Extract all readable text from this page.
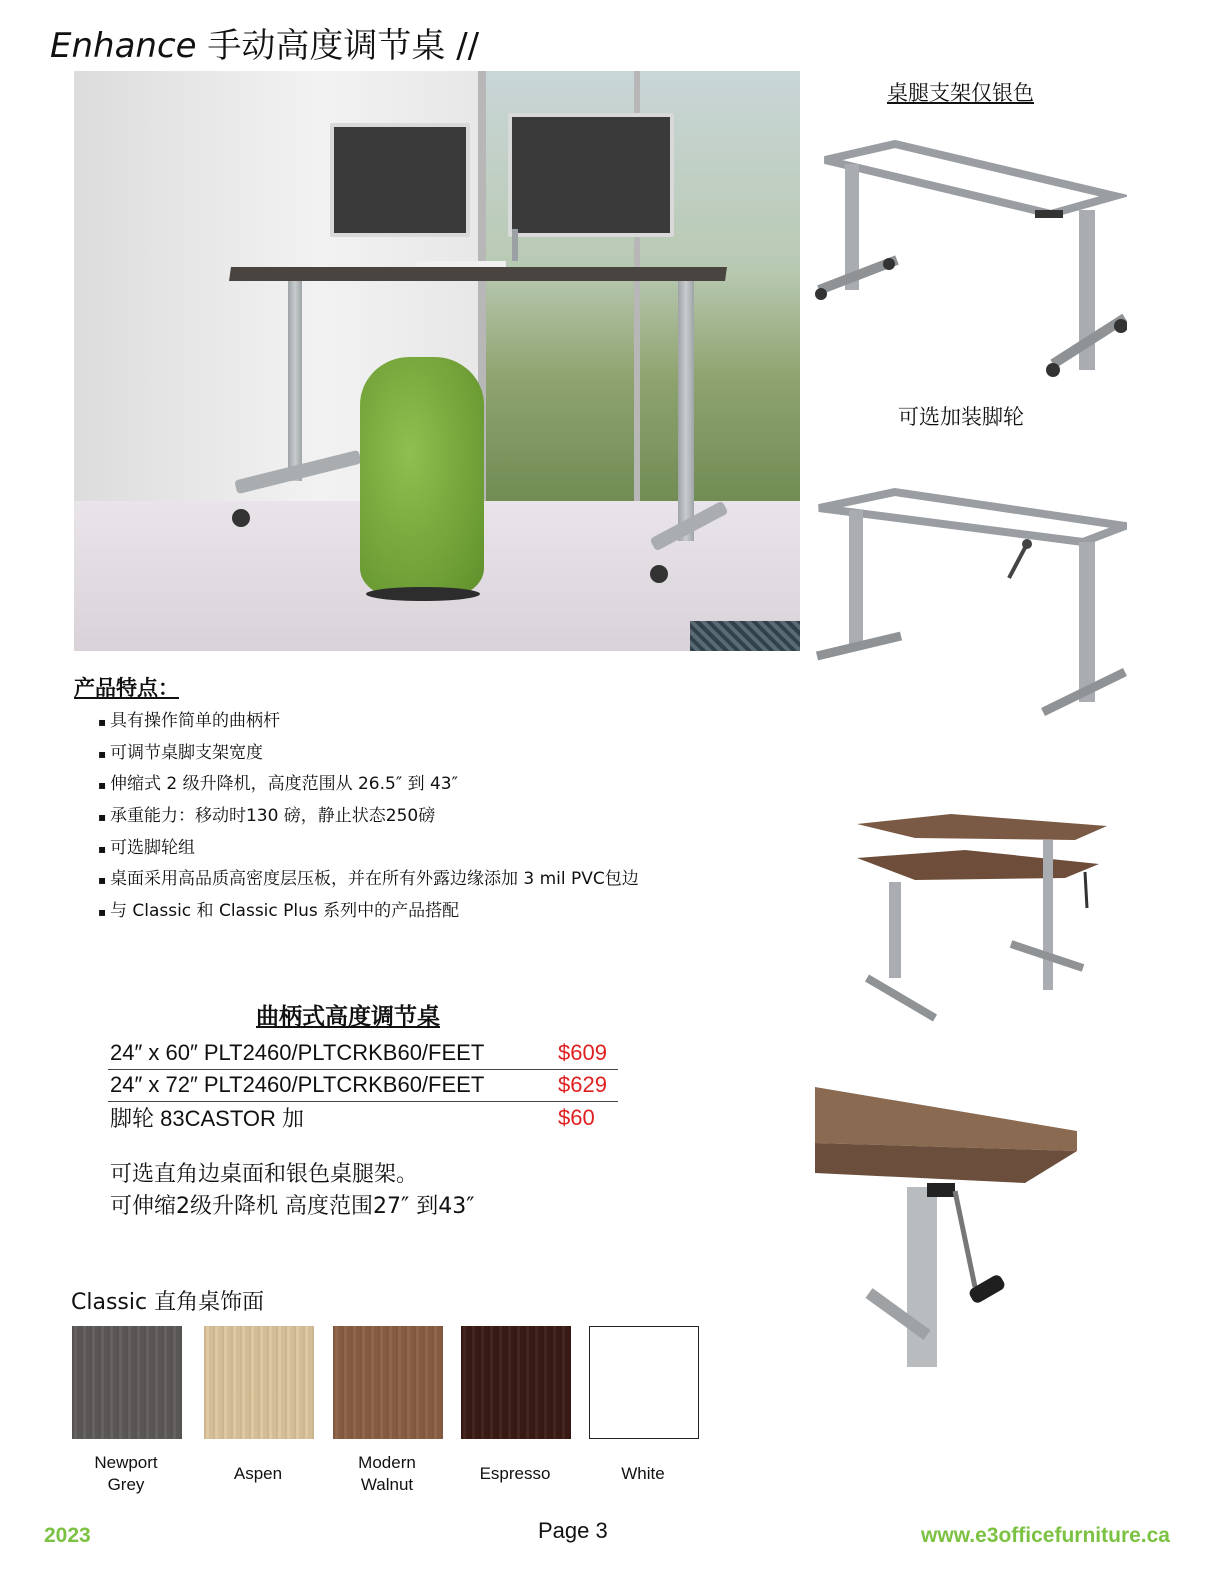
Enhance 手动高度调节桌 //
桌腿支架仅银色
可选加装脚轮
产品特点：
▪ 具有操作简单的曲柄杆
▪ 可调节桌脚支架宽度
▪ 伸缩式 2 级升降机，高度范围从 26.5″ 到 43″
▪ 承重能力：移动时130 磅，静止状态250磅
▪ 可选脚轮组
▪ 桌面采用高品质高密度层压板，并在所有外露边缘添加 3 mil PVC包边
▪ 与 Classic 和 Classic Plus 系列中的产品搭配
曲柄式高度调节桌
24″ x 60″ PLT2460/PLTCRKB60/FEET	$609
24″ x 72″ PLT2460/PLTCRKB60/FEET	$629
脚轮 83CASTOR 加	$60
可选直角边桌面和银色桌腿架。
可伸缩2级升降机 高度范围27″ 到43″
Classic 直角桌饰面
Newport
Grey
Aspen
Modern
Walnut
Espresso	White
2023	Page 3	www.e3officefurniture.ca
